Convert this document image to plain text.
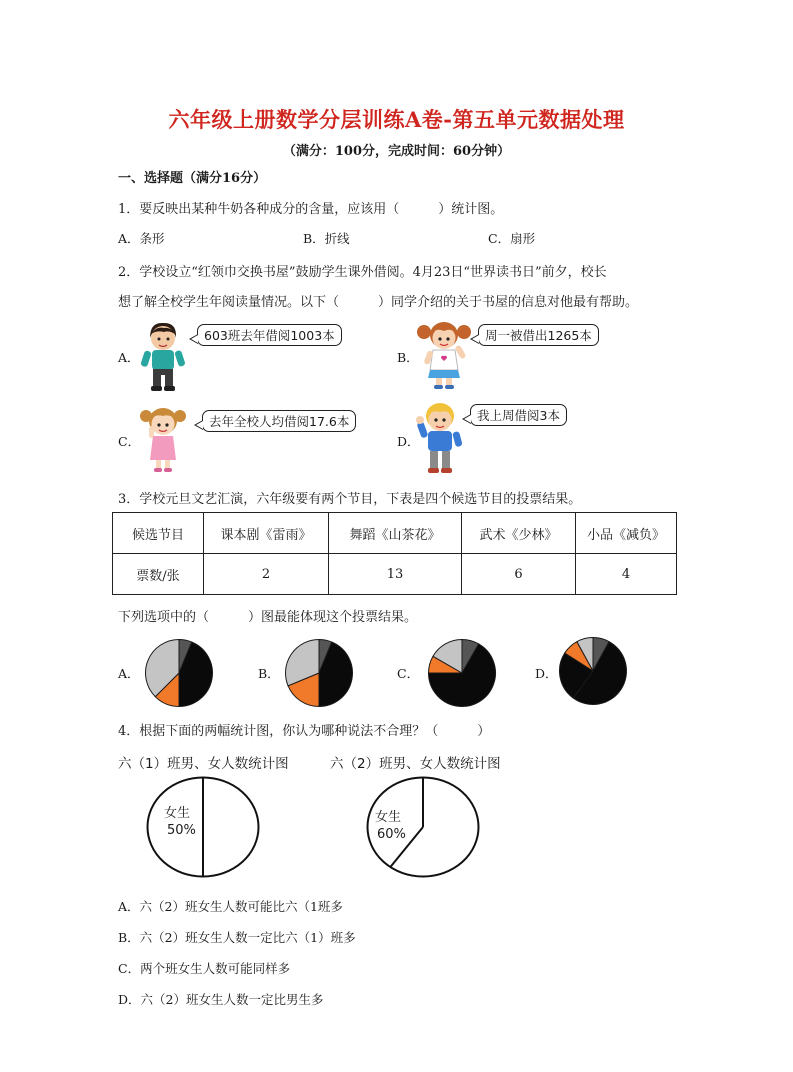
六年级上册数学分层训练A卷-第五单元数据处理
（满分：100分，完成时间：60分钟）
一、选择题（满分16分）
1．要反映出某种牛奶各种成分的含量，应该用（　　　）统计图。
A．条形	B．折线	C．扇形
2．学校设立“红领巾交换书屋”鼓励学生课外借阅。4月23日“世界读书日”前夕，校长
想了解全校学生年阅读量情况。以下（　　　）同学介绍的关于书屋的信息对他最有帮助。
A．
603班去年借阅1003本
B．
周一被借出1265本
C．
去年全校人均借阅17.6本
D．
我上周借阅3本
3．学校元旦文艺汇演，六年级要有两个节目，下表是四个候选节目的投票结果。
候选节目	课本剧《雷雨》	舞蹈《山茶花》	武术《少林》	小品《减负》
票数/张	2	13	6	4
下列选项中的（　　　）图最能体现这个投票结果。
A．	B．	C．	D．
4．根据下面的两幅统计图，你认为哪种说法不合理？（　　　）
六（1）班男、女人数统计图	六（2）班男、女人数统计图
女生
50%
女生
60%
A．六（2）班女生人数可能比六（1班多
B．六（2）班女生人数一定比六（1）班多
C．两个班女生人数可能同样多
D．六（2）班女生人数一定比男生多
